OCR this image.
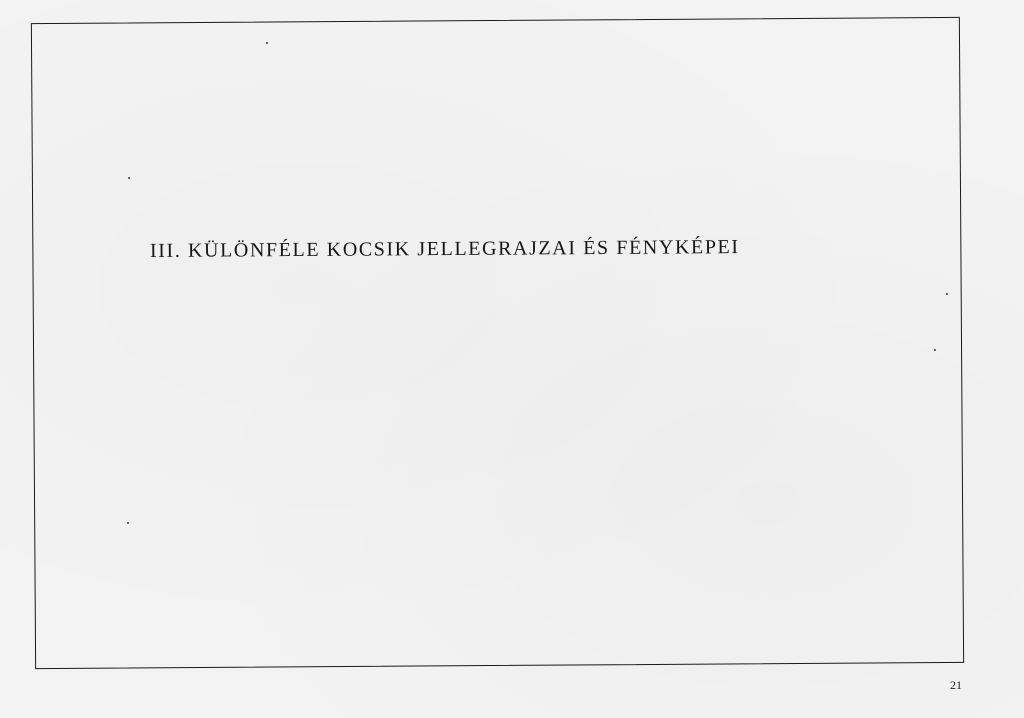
III. KÜLÖNFÉLE KOCSIK JELLEGRAJZAI ÉS FÉNYKÉPEI
21
